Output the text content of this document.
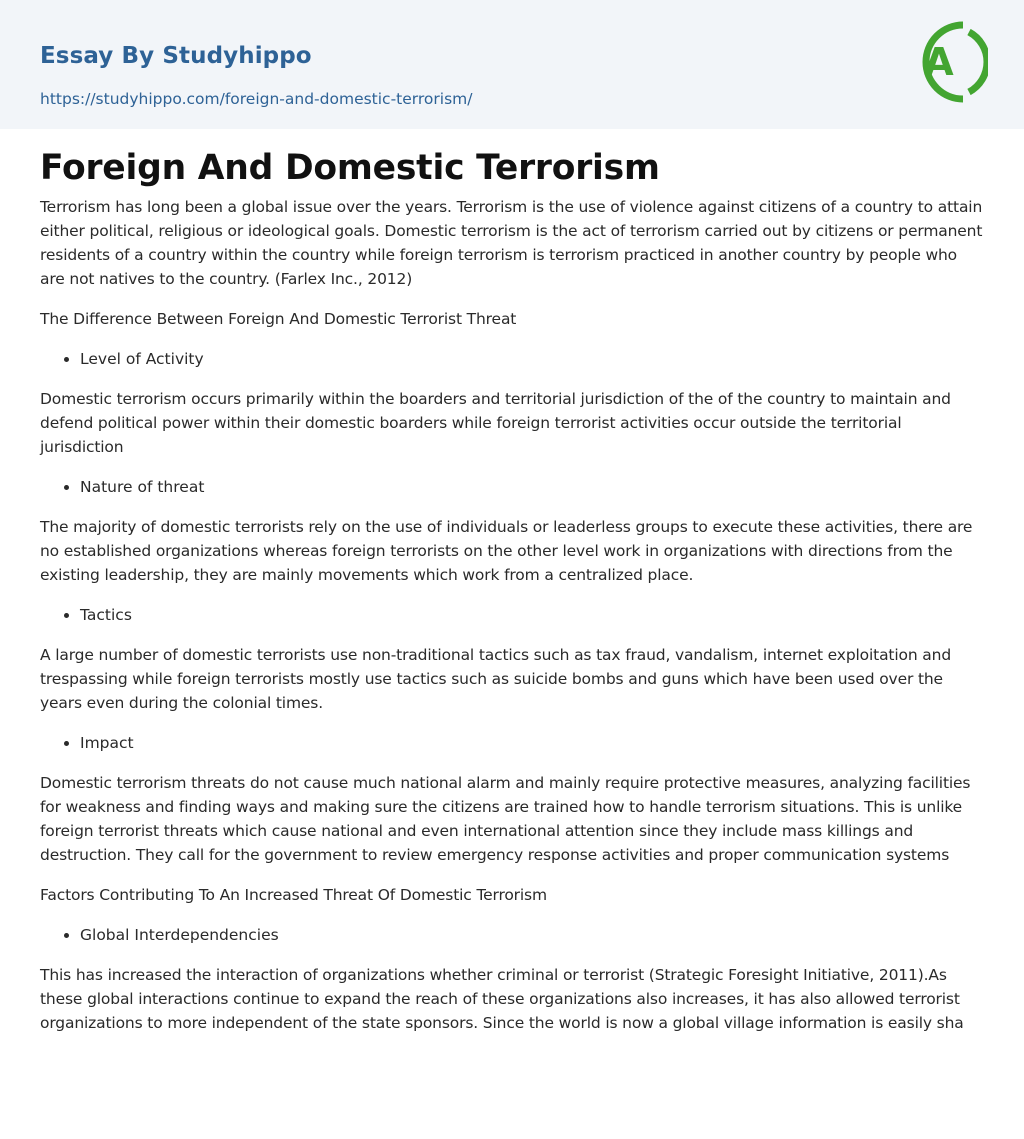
Essay By Studyhippo
https://studyhippo.com/foreign-and-domestic-terrorism/
A
Foreign And Domestic Terrorism

Terrorism has long been a global issue over the years. Terrorism is the use of violence against citizens of a country to attain either political, religious or ideological goals. Domestic terrorism is the act of terrorism carried out by citizens or permanent residents of a country within the country while foreign terrorism is terrorism practiced in another country by people who are not natives to the country. (Farlex Inc., 2012)

The Difference Between Foreign And Domestic Terrorist Threat

• Level of Activity

Domestic terrorism occurs primarily within the boarders and territorial jurisdiction of the of the country to maintain and defend political power within their domestic boarders while foreign terrorist activities occur outside the territorial jurisdiction

• Nature of threat

The majority of domestic terrorists rely on the use of individuals or leaderless groups to execute these activities, there are no established organizations whereas foreign terrorists on the other level work in organizations with directions from the existing leadership, they are mainly movements which work from a centralized place.

• Tactics

A large number of domestic terrorists use non-traditional tactics such as tax fraud, vandalism, internet exploitation and trespassing while foreign terrorists mostly use tactics such as suicide bombs and guns which have been used over the years even during the colonial times.

• Impact

Domestic terrorism threats do not cause much national alarm and mainly require protective measures, analyzing facilities for weakness and finding ways and making sure the citizens are trained how to handle terrorism situations. This is unlike foreign terrorist threats which cause national and even international attention since they include mass killings and destruction. They call for the government to review emergency response activities and proper communication systems

Factors Contributing To An Increased Threat Of Domestic Terrorism

• Global Interdependencies

This has increased the interaction of organizations whether criminal or terrorist (Strategic Foresight Initiative, 2011).As these global interactions continue to expand the reach of these organizations also increases, it has also allowed terrorist organizations to more independent of the state sponsors. Since the world is now a global village information is easily sha
